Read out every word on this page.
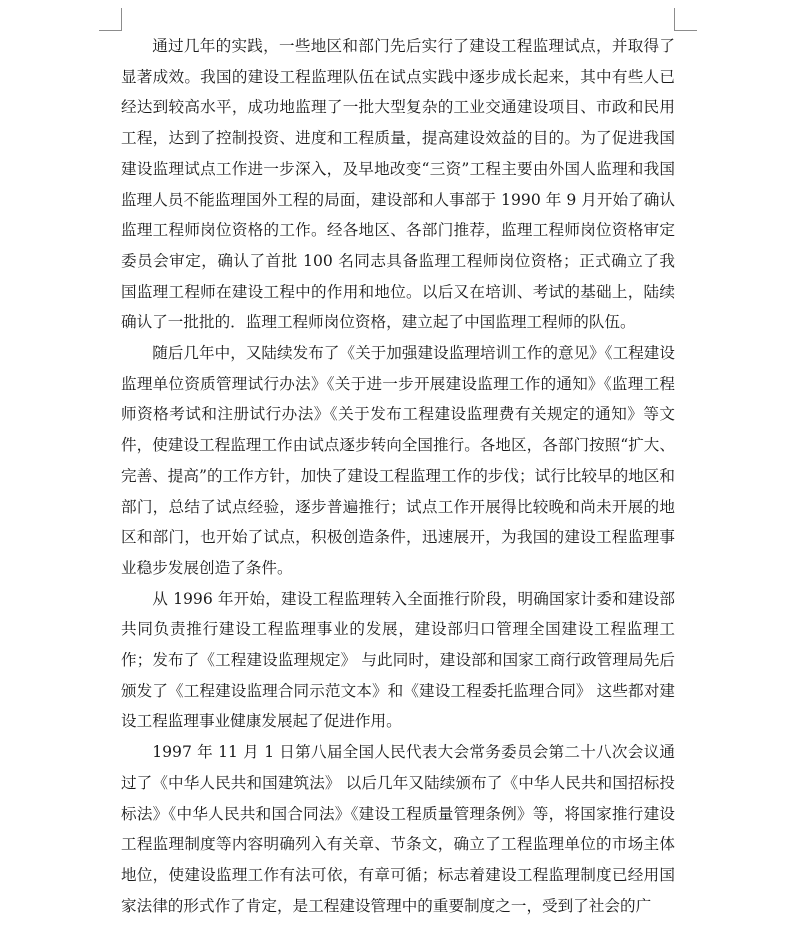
通过几年的实践，一些地区和部门先后实行了建设工程监理试点，并取得了显著成效。我国的建设工程监理队伍在试点实践中逐步成长起来，其中有些人已经达到较高水平，成功地监理了一批大型复杂的工业交通建设项目、市政和民用工程，达到了控制投资、进度和工程质量，提高建设效益的目的。为了促进我国建设监理试点工作进一步深入，及早地改变“三资”工程主要由外国人监理和我国监理人员不能监理国外工程的局面，建设部和人事部于 1990 年 9 月开始了确认监理工程师岗位资格的工作。经各地区、各部门推荐，监理工程师岗位资格审定委员会审定，确认了首批 100 名同志具备监理工程师岗位资格；正式确立了我国监理工程师在建设工程中的作用和地位。以后又在培训、考试的基础上，陆续确认了一批批的．监理工程师岗位资格，建立起了中国监理工程师的队伍。

随后几年中，又陆续发布了《关于加强建设监理培训工作的意见》《工程建设监理单位资质管理试行办法》《关于进一步开展建设监理工作的通知》《监理工程师资格考试和注册试行办法》《关于发布工程建设监理费有关规定的通知》等文件，使建设工程监理工作由试点逐步转向全国推行。各地区，各部门按照“扩大、完善、提高”的工作方针，加快了建设工程监理工作的步伐；试行比较早的地区和部门，总结了试点经验，逐步普遍推行；试点工作开展得比较晚和尚未开展的地区和部门，也开始了试点，积极创造条件，迅速展开，为我国的建设工程监理事业稳步发展创造了条件。

从 1996 年开始，建设工程监理转入全面推行阶段，明确国家计委和建设部共同负责推行建设工程监理事业的发展，建设部归口管理全国建设工程监理工作；发布了《工程建设监理规定》 与此同时，建设部和国家工商行政管理局先后颁发了《工程建设监理合同示范文本》和《建设工程委托监理合同》 这些都对建设工程监理事业健康发展起了促进作用。

1997 年 11 月 1 日第八届全国人民代表大会常务委员会第二十八次会议通过了《中华人民共和国建筑法》 以后几年又陆续颁布了《中华人民共和国招标投标法》《中华人民共和国合同法》《建设工程质量管理条例》等，将国家推行建设工程监理制度等内容明确列入有关章、节条文，确立了工程监理单位的市场主体地位，使建设监理工作有法可依，有章可循；标志着建设工程监理制度已经用国家法律的形式作了肯定，是工程建设管理中的重要制度之一，受到了社会的广
